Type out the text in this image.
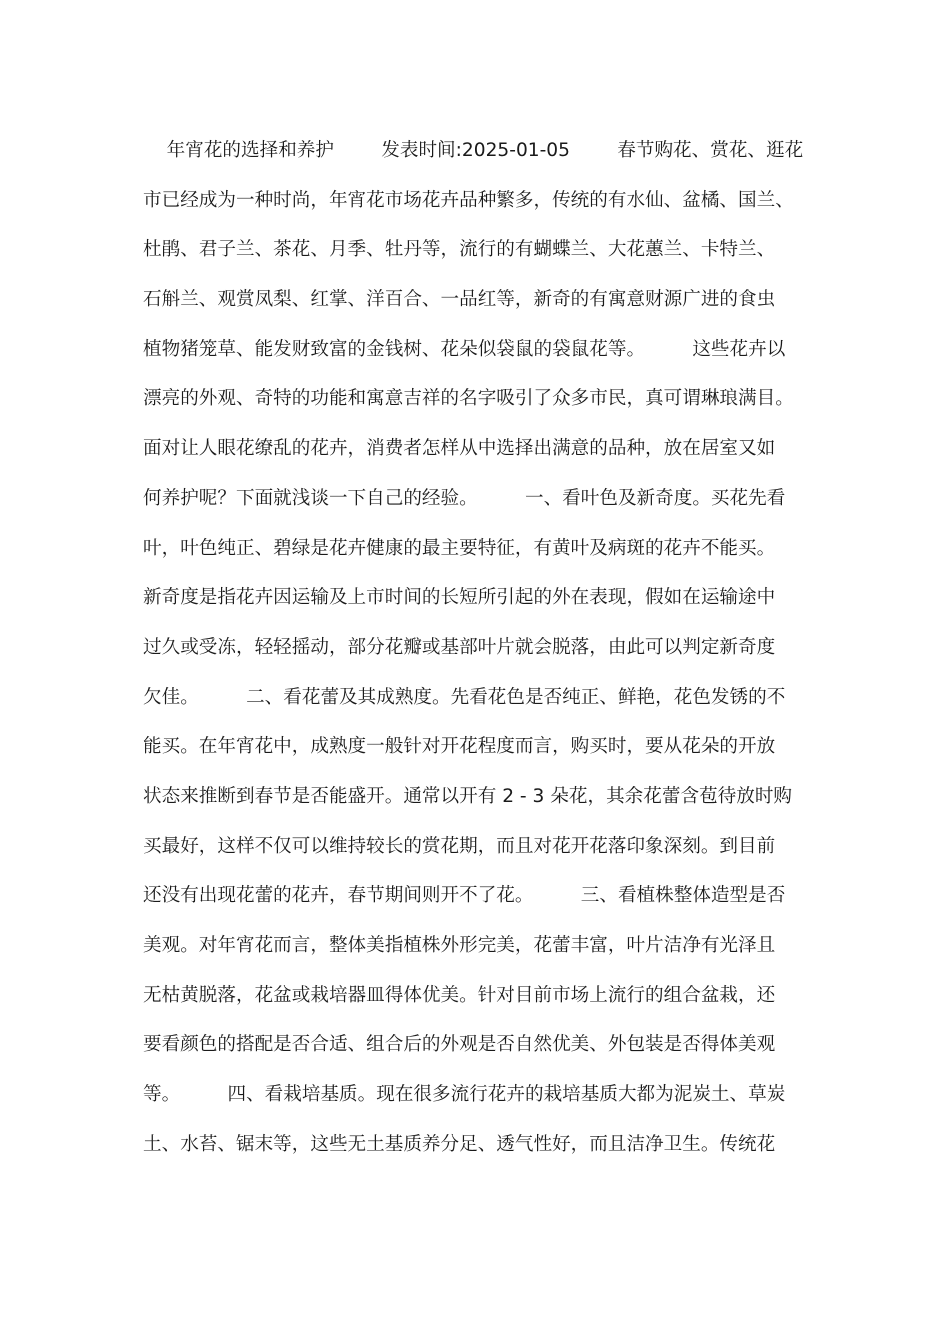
年宵花的选择和养护        发表时间:2025-01-05        春节购花、赏花、逛花
市已经成为一种时尚，年宵花市场花卉品种繁多，传统的有水仙、盆橘、国兰、
杜鹃、君子兰、茶花、月季、牡丹等，流行的有蝴蝶兰、大花蕙兰、卡特兰、
石斛兰、观赏凤梨、红掌、洋百合、一品红等，新奇的有寓意财源广进的食虫
植物猪笼草、能发财致富的金钱树、花朵似袋鼠的袋鼠花等。        这些花卉以
漂亮的外观、奇特的功能和寓意吉祥的名字吸引了众多市民，真可谓琳琅满目。
面对让人眼花缭乱的花卉，消费者怎样从中选择出满意的品种，放在居室又如
何养护呢？下面就浅谈一下自己的经验。        一、看叶色及新奇度。买花先看
叶，叶色纯正、碧绿是花卉健康的最主要特征，有黄叶及病斑的花卉不能买。
新奇度是指花卉因运输及上市时间的长短所引起的外在表现，假如在运输途中
过久或受冻，轻轻摇动，部分花瓣或基部叶片就会脱落，由此可以判定新奇度
欠佳。        二、看花蕾及其成熟度。先看花色是否纯正、鲜艳，花色发锈的不
能买。在年宵花中，成熟度一般针对开花程度而言，购买时，要从花朵的开放
状态来推断到春节是否能盛开。通常以开有 2 - 3 朵花，其余花蕾含苞待放时购
买最好，这样不仅可以维持较长的赏花期，而且对花开花落印象深刻。到目前
还没有出现花蕾的花卉，春节期间则开不了花。        三、看植株整体造型是否
美观。对年宵花而言，整体美指植株外形完美，花蕾丰富，叶片洁净有光泽且
无枯黄脱落，花盆或栽培器皿得体优美。针对目前市场上流行的组合盆栽，还
要看颜色的搭配是否合适、组合后的外观是否自然优美、外包装是否得体美观
等。        四、看栽培基质。现在很多流行花卉的栽培基质大都为泥炭土、草炭
土、水苔、锯末等，这些无土基质养分足、透气性好，而且洁净卫生。传统花
